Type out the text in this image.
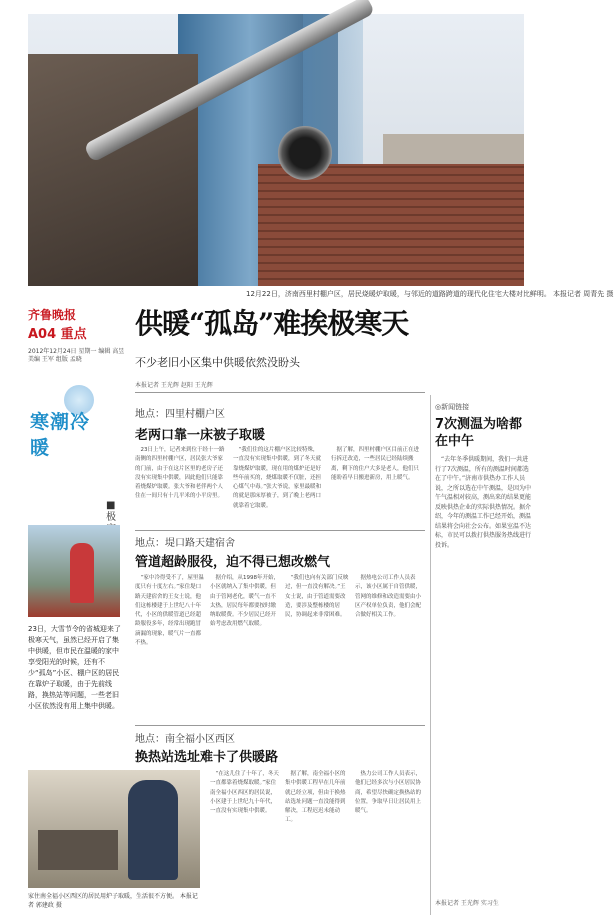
12月22日，济南西里村棚户区，居民烧暖炉取暖，与邻近的道路跨道的现代化住宅大楼对比鲜明。 本报记者 周青先 摄
齐鲁晚报
A04 重点
2012年12月24日 星期一 编辑 高昱 美编 王军 组版 孟晓
寒潮冷暖
■极
23日，大雪节令的省城迎来了极寒天气，虽然已经开启了集中供暖，但市民在温暖的家中享受阳光的时候，还有不少“孤岛”小区、棚户区的居民在靠炉子取暖，由于先前线路，换热站等问题，一些老旧小区依然没有用上集中供暖。
供暖“孤岛”难挨极寒天
不少老旧小区集中供暖依然没盼头
本报记者 王光辉 赵阳 王光辉
地点：四里村棚户区
老两口靠一床被子取暖
23日上午，记者来到位于经十一路南侧的四里村棚户区，居民张大爷家的门前，由于在这片区里的老房子还没有实现集中供暖，因此他们只能靠着烧煤炉取暖。张大爷和老伴两个人住在一间只有十几平米的小平房里。
“我们住的这片棚户区比较特殊，一直没有实现集中供暖，到了冬天就靠烧煤炉取暖，现在用的煤炉还是好些年前买的，烧煤取暖不仅脏，还担心煤气中毒。”张大爷说，家里最暖和的就是那床厚被子，到了晚上老两口就靠着它取暖。
据了解，四里村棚户区目前正在进行拆迁改造，一些居民已经陆续搬离，剩下的住户大多是老人，他们只能盼着早日搬进新房，用上暖气。
地点：堤口路天建宿舍
管道超龄服役，迫不得已想改燃气
“家中冷得受不了，屋里温度只有十度左右。”家住堤口路天建宿舍的王女士说，他们这栋楼建于上世纪八十年代，小区的供暖管道已经超龄服役多年，经常出现跑冒滴漏的现象，暖气片一直都不热。
据介绍，从1998年开始，小区就纳入了集中供暖，但由于管网老化，暖气一直不太热，居民每年都要按时缴纳取暖费。不少居民已经开始考虑改用燃气取暖。
“我们也向有关部门反映过，但一直没有解决。”王女士说，由于管道需要改造，要涉及整栋楼的居民，协调起来非常困难。
据热电公司工作人员表示，该小区属于自管供暖，管网的维修和改造需要由小区产权单位负责，他们会配合做好相关工作。
地点：南全福小区西区
换热站选址难卡了供暖路
“在这儿住了十年了，冬天一直都靠着烧煤取暖。”家住南全福小区西区的居民说，小区建于上世纪九十年代，一直没有实现集中供暖。
据了解，南全福小区的集中供暖工程早在几年前就已经立项，但由于换热站选址问题一直没能得到解决，工程迟迟未能动工。
热力公司工作人员表示，他们已经多次与小区居民协商，希望尽快确定换热站的位置，争取早日让居民用上暖气。
家住南全福小区西区的居民用炉子取暖，生活很不方便。 本报记者 郭建政 摄
◎新闻链接
7次测温为啥都在中午
“去年冬季供暖期间，我们一共进行了7次测温，所有的测温时间都选在了中午。”济南市供热办工作人员说，之所以选在中午测温，是因为中午气温相对较高，测出来的结果更能反映供热企业的实际供热情况。据介绍，今年的测温工作已经开始，测温结果将会向社会公布。如果室温不达标，市民可以拨打供热服务热线进行投诉。
本报记者 王光辉 实习生
